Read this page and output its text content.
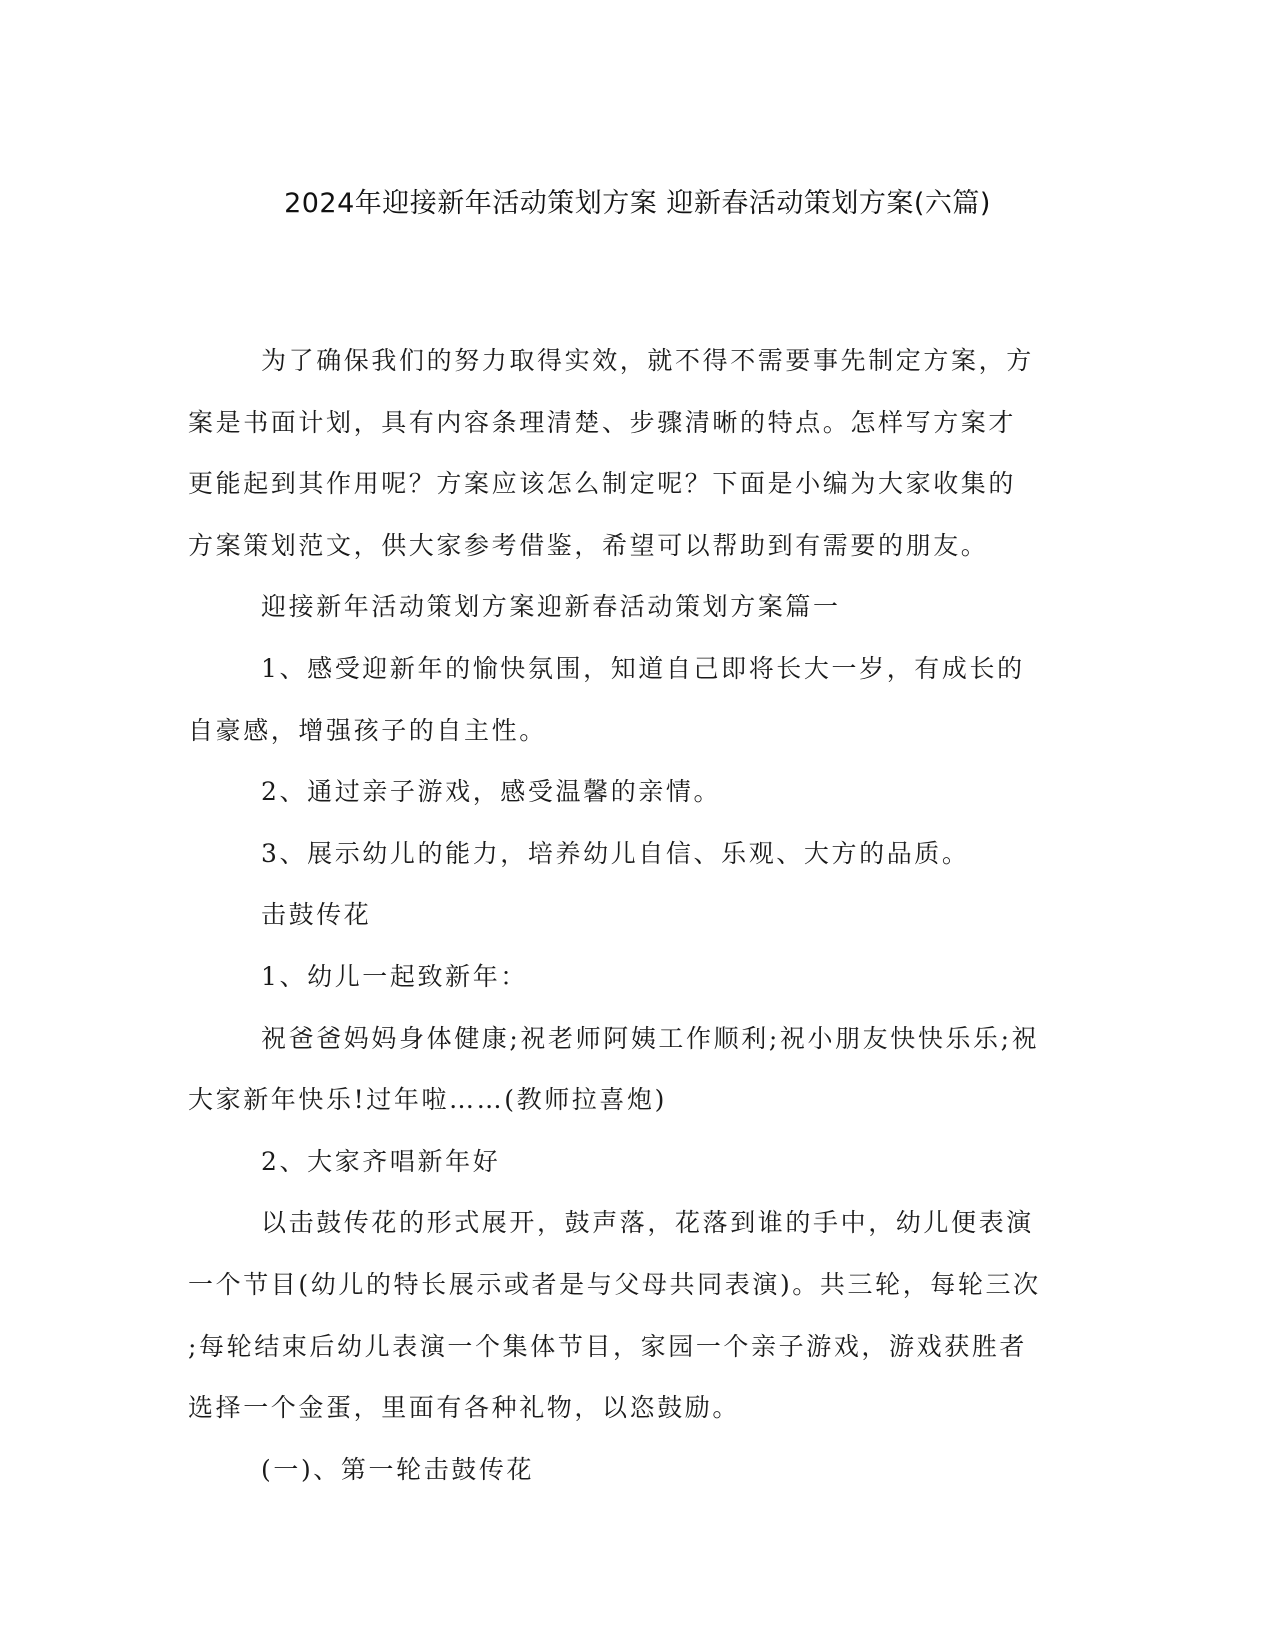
2024年迎接新年活动策划方案 迎新春活动策划方案(六篇)

为了确保我们的努力取得实效，就不得不需要事先制定方案，方
案是书面计划，具有内容条理清楚、步骤清晰的特点。怎样写方案才
更能起到其作用呢？方案应该怎么制定呢？下面是小编为大家收集的
方案策划范文，供大家参考借鉴，希望可以帮助到有需要的朋友。

迎接新年活动策划方案迎新春活动策划方案篇一

1、感受迎新年的愉快氛围，知道自己即将长大一岁，有成长的
自豪感，增强孩子的自主性。

2、通过亲子游戏，感受温馨的亲情。

3、展示幼儿的能力，培养幼儿自信、乐观、大方的品质。

击鼓传花

1、幼儿一起致新年：

祝爸爸妈妈身体健康;祝老师阿姨工作顺利;祝小朋友快快乐乐;祝
大家新年快乐!过年啦……(教师拉喜炮)

2、大家齐唱新年好

以击鼓传花的形式展开，鼓声落，花落到谁的手中，幼儿便表演
一个节目(幼儿的特长展示或者是与父母共同表演)。共三轮，每轮三次
;每轮结束后幼儿表演一个集体节目，家园一个亲子游戏，游戏获胜者
选择一个金蛋，里面有各种礼物，以恣鼓励。

(一)、第一轮击鼓传花
